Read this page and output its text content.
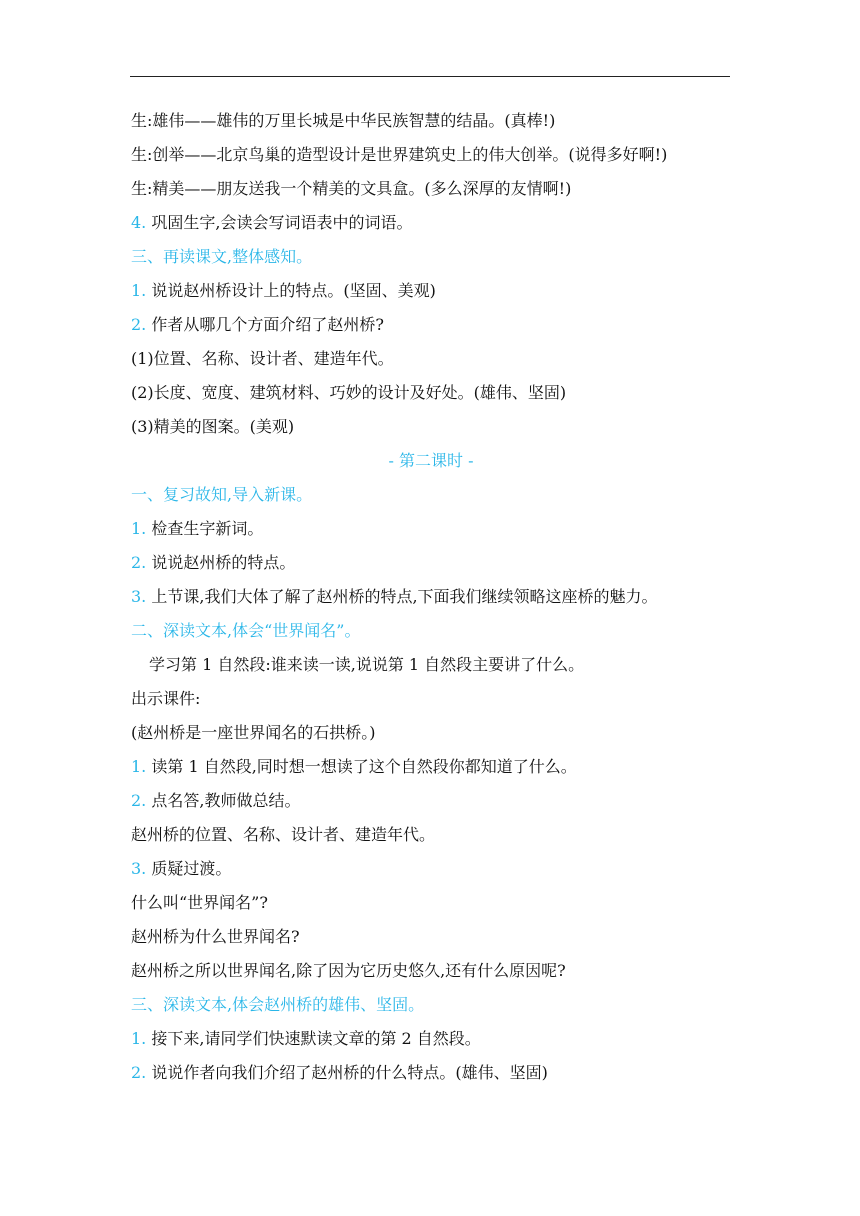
生:雄伟——雄伟的万里长城是中华民族智慧的结晶。(真棒!)
生:创举——北京鸟巢的造型设计是世界建筑史上的伟大创举。(说得多好啊!)
生:精美——朋友送我一个精美的文具盒。(多么深厚的友情啊!)
4. 巩固生字,会读会写词语表中的词语。
三、再读课文,整体感知。
1. 说说赵州桥设计上的特点。(坚固、美观)
2. 作者从哪几个方面介绍了赵州桥?
(1)位置、名称、设计者、建造年代。
(2)长度、宽度、建筑材料、巧妙的设计及好处。(雄伟、坚固)
(3)精美的图案。(美观)
- 第二课时 -
一、复习故知,导入新课。
1. 检查生字新词。
2. 说说赵州桥的特点。
3. 上节课,我们大体了解了赵州桥的特点,下面我们继续领略这座桥的魅力。
二、深读文本,体会“世界闻名”。
学习第 1 自然段:谁来读一读,说说第 1 自然段主要讲了什么。
出示课件:
(赵州桥是一座世界闻名的石拱桥。)
1. 读第 1 自然段,同时想一想读了这个自然段你都知道了什么。
2. 点名答,教师做总结。
赵州桥的位置、名称、设计者、建造年代。
3. 质疑过渡。
什么叫“世界闻名”?
赵州桥为什么世界闻名?
赵州桥之所以世界闻名,除了因为它历史悠久,还有什么原因呢?
三、深读文本,体会赵州桥的雄伟、坚固。
1. 接下来,请同学们快速默读文章的第 2 自然段。
2. 说说作者向我们介绍了赵州桥的什么特点。(雄伟、坚固)
